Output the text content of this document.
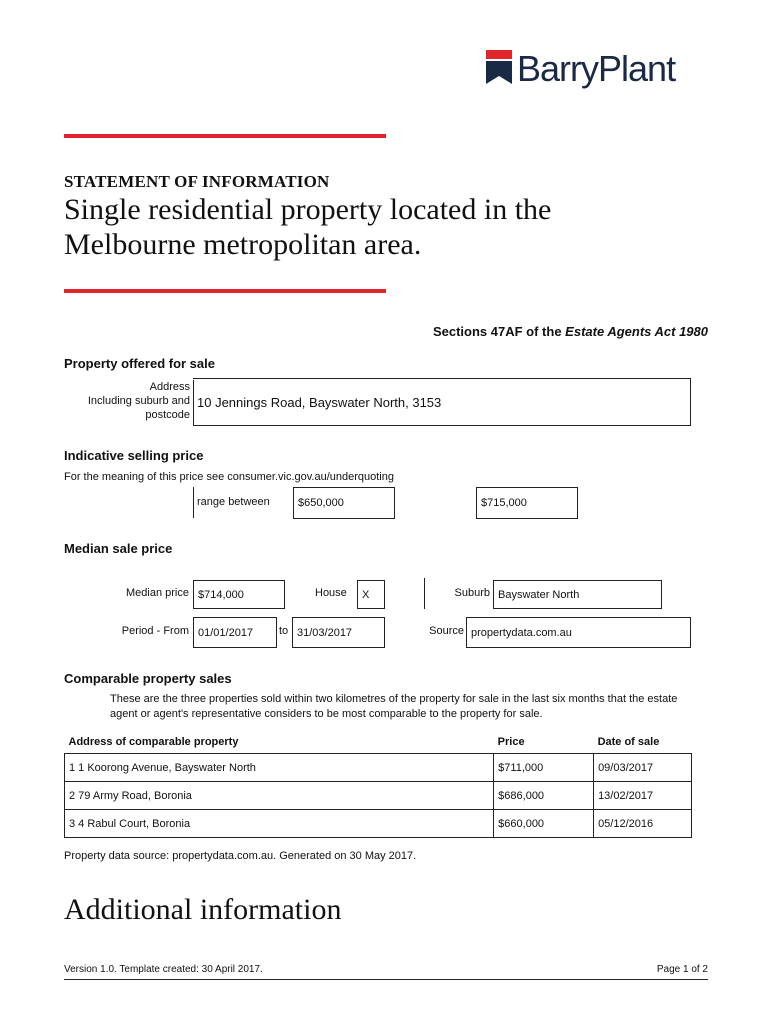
BarryPlant
STATEMENT OF INFORMATION
Single residential property located in the Melbourne metropolitan area.
Sections 47AF of the Estate Agents Act 1980
Property offered for sale
Address
Including suburb and
postcode
10 Jennings Road, Bayswater North, 3153
Indicative selling price
For the meaning of this price see consumer.vic.gov.au/underquoting
range between	$650,000	$715,000
Median sale price
Median price $714,000	House	X	Suburb Bayswater North
Period - From 01/01/2017	to 31/03/2017	Source propertydata.com.au
Comparable property sales
These are the three properties sold within two kilometres of the property for sale in the last six months that the estate agent or agent's representative considers to be most comparable to the property for sale.
Address of comparable property	Price	Date of sale
1 1 Koorong Avenue, Bayswater North	$711,000	09/03/2017
2 79 Army Road, Boronia	$686,000	13/02/2017
3 4 Rabul Court, Boronia	$660,000	05/12/2016
Property data source: propertydata.com.au. Generated on 30 May 2017.
Additional information
Version 1.0. Template created: 30 April 2017.	Page 1 of 2
